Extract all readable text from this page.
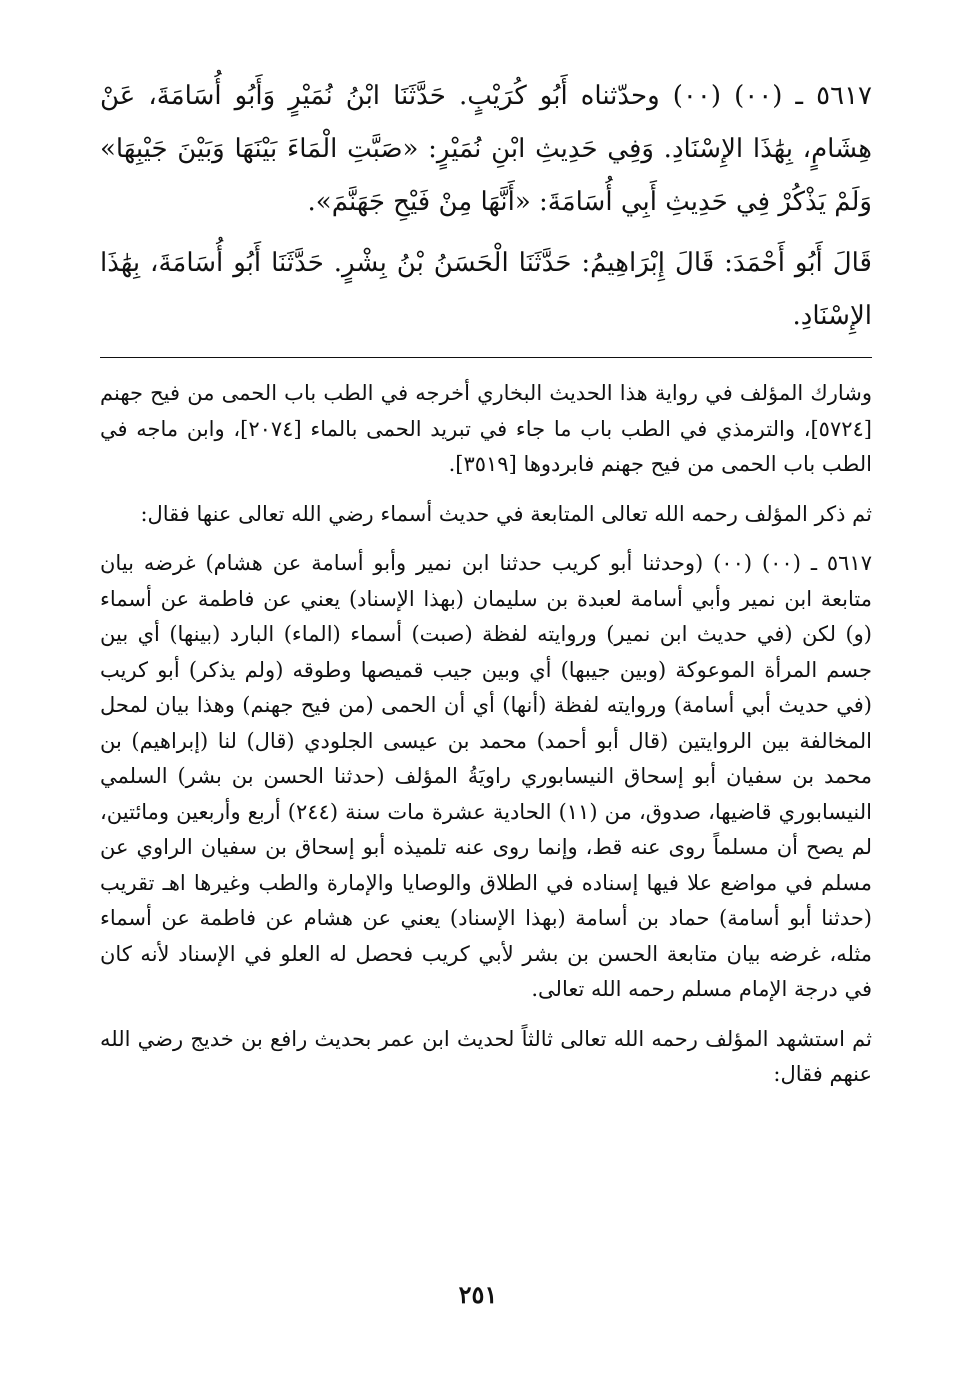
٥٦١٧ ـ (٠٠) (٠٠) وحدّثناه أَبُو كُرَيْبٍ. حَدَّثَنَا ابْنُ نُمَيْرٍ وَأَبُو أُسَامَةَ، عَنْ هِشَامٍ، بِهَٰذَا الإِسْنَادِ. وَفِي حَدِيثِ ابْنِ نُمَيْرٍ: «صَبَّتِ الْمَاءَ بَيْنَهَا وَبَيْنَ جَيْبِهَا» وَلَمْ يَذْكُرْ فِي حَدِيثِ أَبِي أُسَامَةَ: «أَنَّهَا مِنْ فَيْحِ جَهَنَّمَ».

قَالَ أَبُو أَحْمَدَ: قَالَ إِبْرَاهِيمُ: حَدَّثَنَا الْحَسَنُ بْنُ بِشْرٍ. حَدَّثَنَا أَبُو أُسَامَةَ، بِهَٰذَا الإِسْنَادِ.

وشارك المؤلف في رواية هذا الحديث البخاري أخرجه في الطب باب الحمى من فيح جهنم [٥٧٢٤]، والترمذي في الطب باب ما جاء في تبريد الحمى بالماء [٢٠٧٤]، وابن ماجه في الطب باب الحمى من فيح جهنم فابردوها [٣٥١٩].

ثم ذكر المؤلف رحمه الله تعالى المتابعة في حديث أسماء رضي الله تعالى عنها فقال:

٥٦١٧ ـ (٠٠) (٠٠) (وحدثنا أبو كريب حدثنا ابن نمير وأبو أسامة عن هشام) غرضه بيان متابعة ابن نمير وأبي أسامة لعبدة بن سليمان (بهذا الإسناد) يعني عن فاطمة عن أسماء (و) لكن (في حديث ابن نمير) وروايته لفظة (صبت) أسماء (الماء) البارد (بينها) أي بين جسم المرأة الموعوكة (وبين جيبها) أي وبين جيب قميصها وطوقه (ولم يذكر) أبو كريب (في حديث أبي أسامة) وروايته لفظة (أنها) أي أن الحمى (من فيح جهنم) وهذا بيان لمحل المخالفة بين الروايتين (قال أبو أحمد) محمد بن عيسى الجلودي (قال) لنا (إبراهيم) بن محمد بن سفيان أبو إسحاق النيسابوري راويَةُ المؤلف (حدثنا الحسن بن بشر) السلمي النيسابوري قاضيها، صدوق، من (١١) الحادية عشرة مات سنة (٢٤٤) أربع وأربعين ومائتين، لم يصح أن مسلماً روى عنه قط، وإنما روى عنه تلميذه أبو إسحاق بن سفيان الراوي عن مسلم في مواضع علا فيها إسناده في الطلاق والوصايا والإمارة والطب وغيرها اهـ تقريب (حدثنا أبو أسامة) حماد بن أسامة (بهذا الإسناد) يعني عن هشام عن فاطمة عن أسماء مثله، غرضه بيان متابعة الحسن بن بشر لأبي كريب فحصل له العلو في الإسناد لأنه كان في درجة الإمام مسلم رحمه الله تعالى.

ثم استشهد المؤلف رحمه الله تعالى ثالثاً لحديث ابن عمر بحديث رافع بن خديج رضي الله عنهم فقال:

٢٥١
